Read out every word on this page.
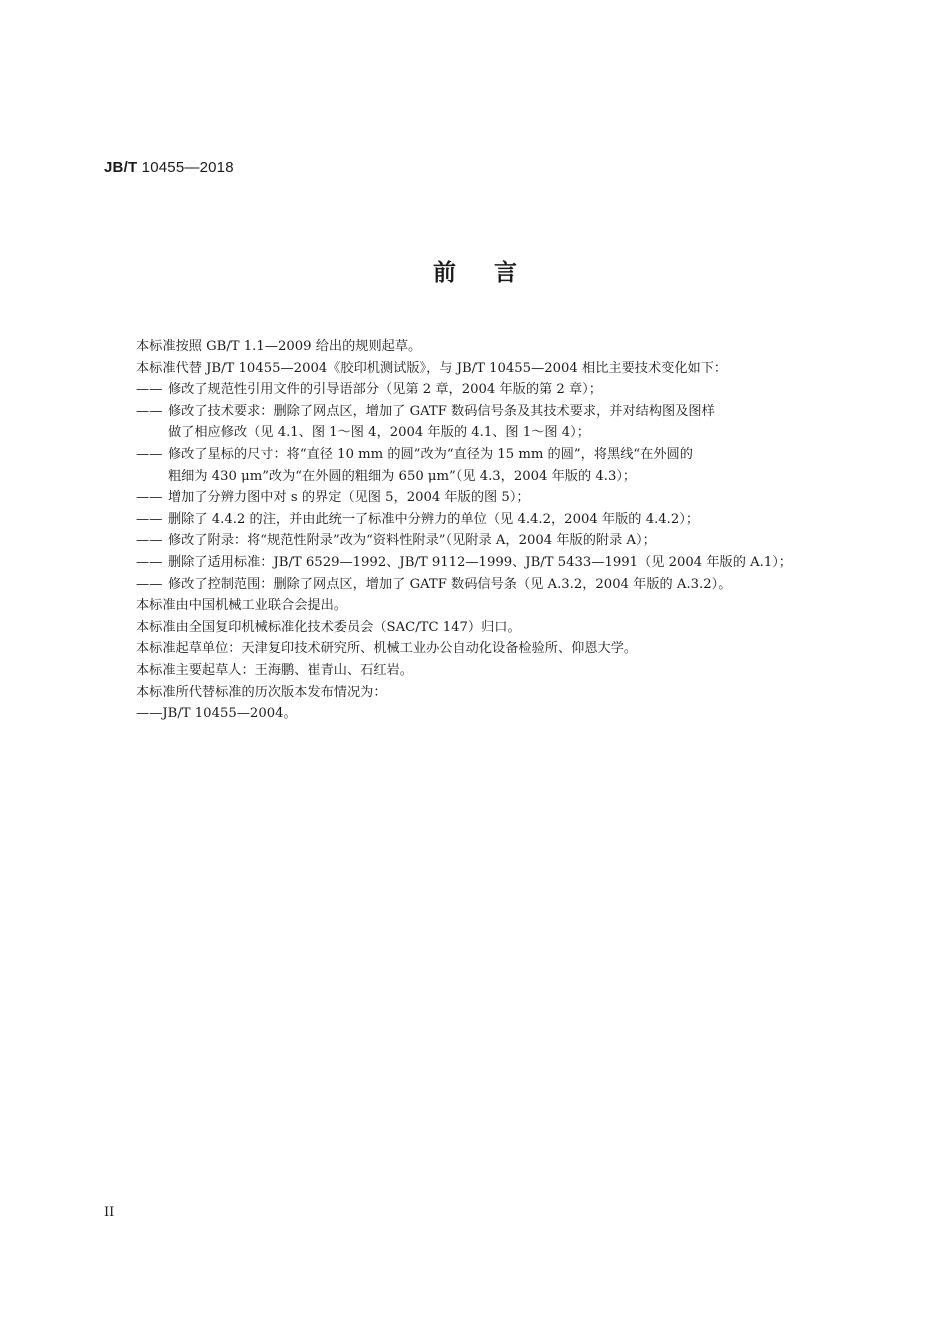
JB/T 10455—2018
前言

本标准按照 GB/T 1.1—2009 给出的规则起草。

本标准代替 JB/T 10455—2004《胶印机测试版》，与 JB/T 10455—2004 相比主要技术变化如下：

—— 修改了规范性引用文件的引导语部分（见第 2 章，2004 年版的第 2 章）；
—— 修改了技术要求：删除了网点区，增加了 GATF 数码信号条及其技术要求，并对结构图及图样
做了相应修改（见 4.1、图 1～图 4，2004 年版的 4.1、图 1～图 4）；
—— 修改了星标的尺寸：将“直径 10 mm 的圆”改为“直径为 15 mm 的圆”，将黑线“在外圆的
粗细为 430 μm”改为“在外圆的粗细为 650 μm”（见 4.3，2004 年版的 4.3）；
—— 增加了分辨力图中对 s 的界定（见图 5，2004 年版的图 5）；
—— 删除了 4.4.2 的注，并由此统一了标准中分辨力的单位（见 4.4.2，2004 年版的 4.4.2）；
—— 修改了附录：将“规范性附录”改为“资料性附录”（见附录 A，2004 年版的附录 A）；
—— 删除了适用标准：JB/T 6529—1992、JB/T 9112—1999、JB/T 5433—1991（见 2004 年版的 A.1）；
—— 修改了控制范围：删除了网点区，增加了 GATF 数码信号条（见 A.3.2，2004 年版的 A.3.2）。

本标准由中国机械工业联合会提出。

本标准由全国复印机械标准化技术委员会（SAC/TC 147）归口。

本标准起草单位：天津复印技术研究所、机械工业办公自动化设备检验所、仰恩大学。

本标准主要起草人：王海鹏、崔青山、石红岩。

本标准所代替标准的历次版本发布情况为：

——JB/T 10455—2004。

II
